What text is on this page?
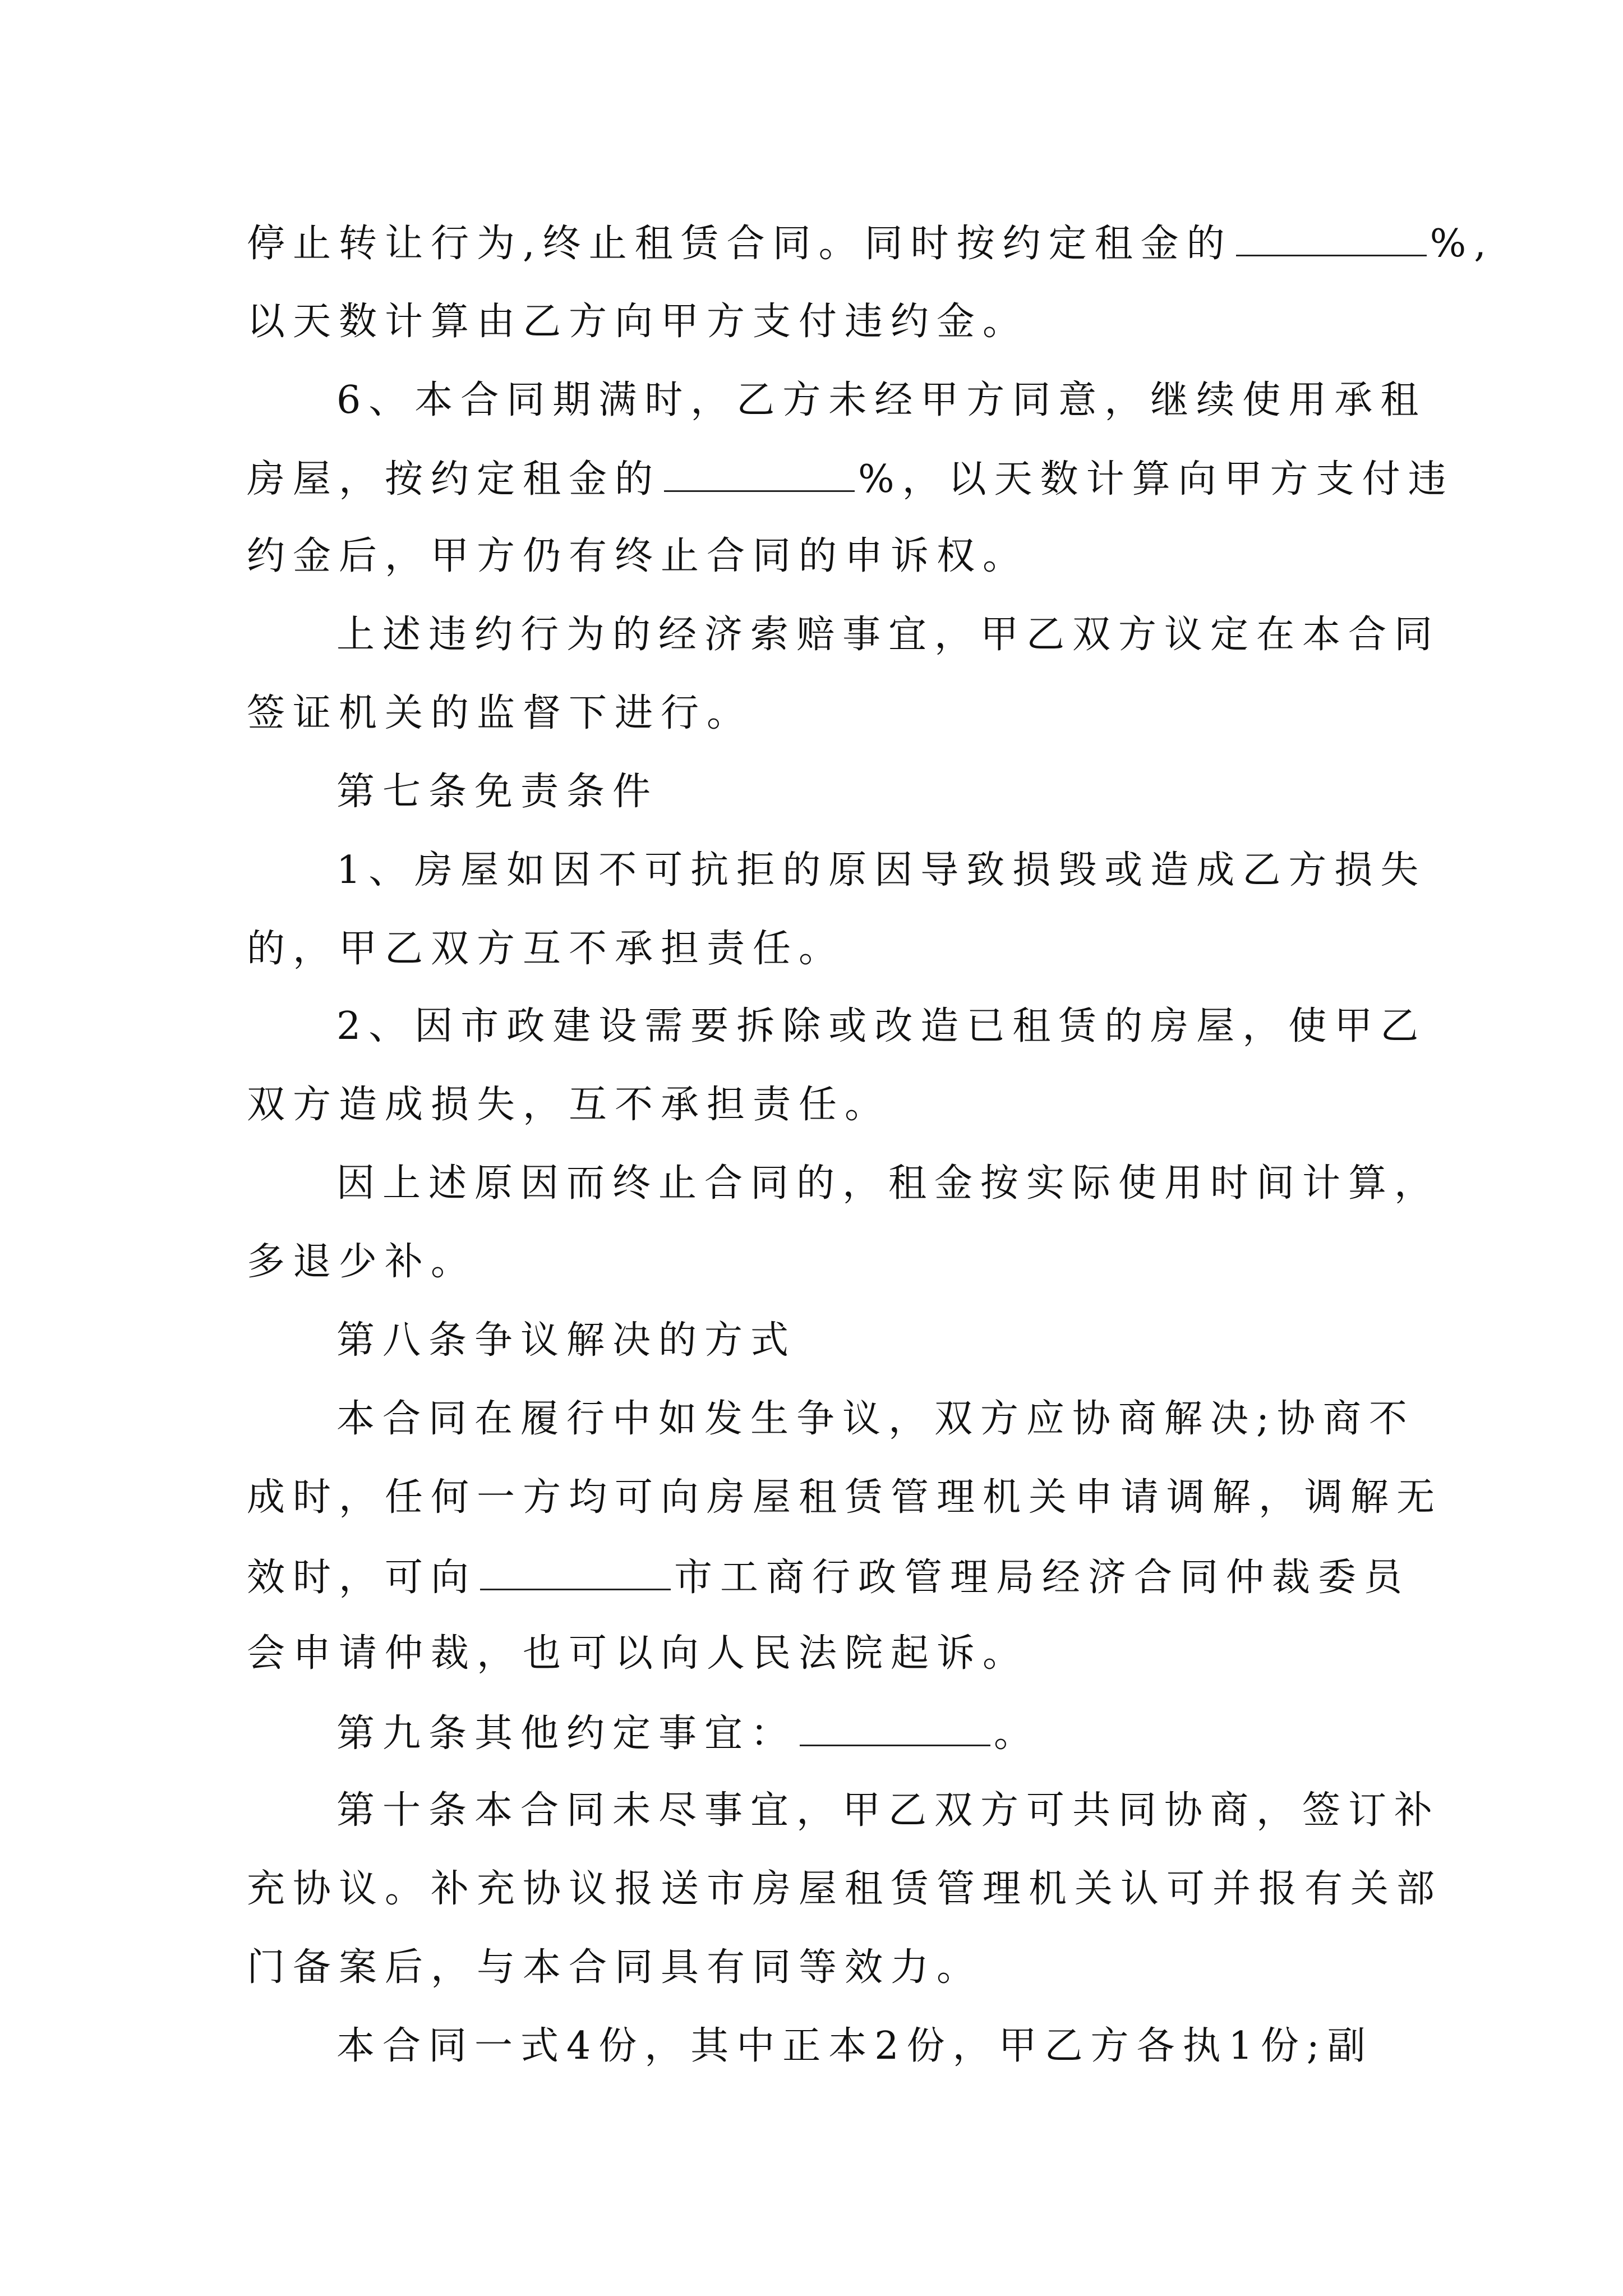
停止转让行为,终止租赁合同。同时按约定租金的	%,
以天数计算由乙方向甲方支付违约金。
6、本合同期满时，乙方未经甲方同意，继续使用承租
房屋，按约定租金的	%，以天数计算向甲方支付违
约金后，甲方仍有终止合同的申诉权。
上述违约行为的经济索赔事宜，甲乙双方议定在本合同
签证机关的监督下进行。
第七条免责条件
1、房屋如因不可抗拒的原因导致损毁或造成乙方损失
的，甲乙双方互不承担责任。
2、因市政建设需要拆除或改造已租赁的房屋，使甲乙
双方造成损失，互不承担责任。
因上述原因而终止合同的，租金按实际使用时间计算，
多退少补。
第八条争议解决的方式
本合同在履行中如发生争议，双方应协商解决;协商不
成时，任何一方均可向房屋租赁管理机关申请调解，调解无
效时，可向	市工商行政管理局经济合同仲裁委员
会申请仲裁，也可以向人民法院起诉。
第九条其他约定事宜：	。
第十条本合同未尽事宜，甲乙双方可共同协商，签订补
充协议。补充协议报送市房屋租赁管理机关认可并报有关部
门备案后，与本合同具有同等效力。
本合同一式4份，其中正本2份，甲乙方各执1份;副
